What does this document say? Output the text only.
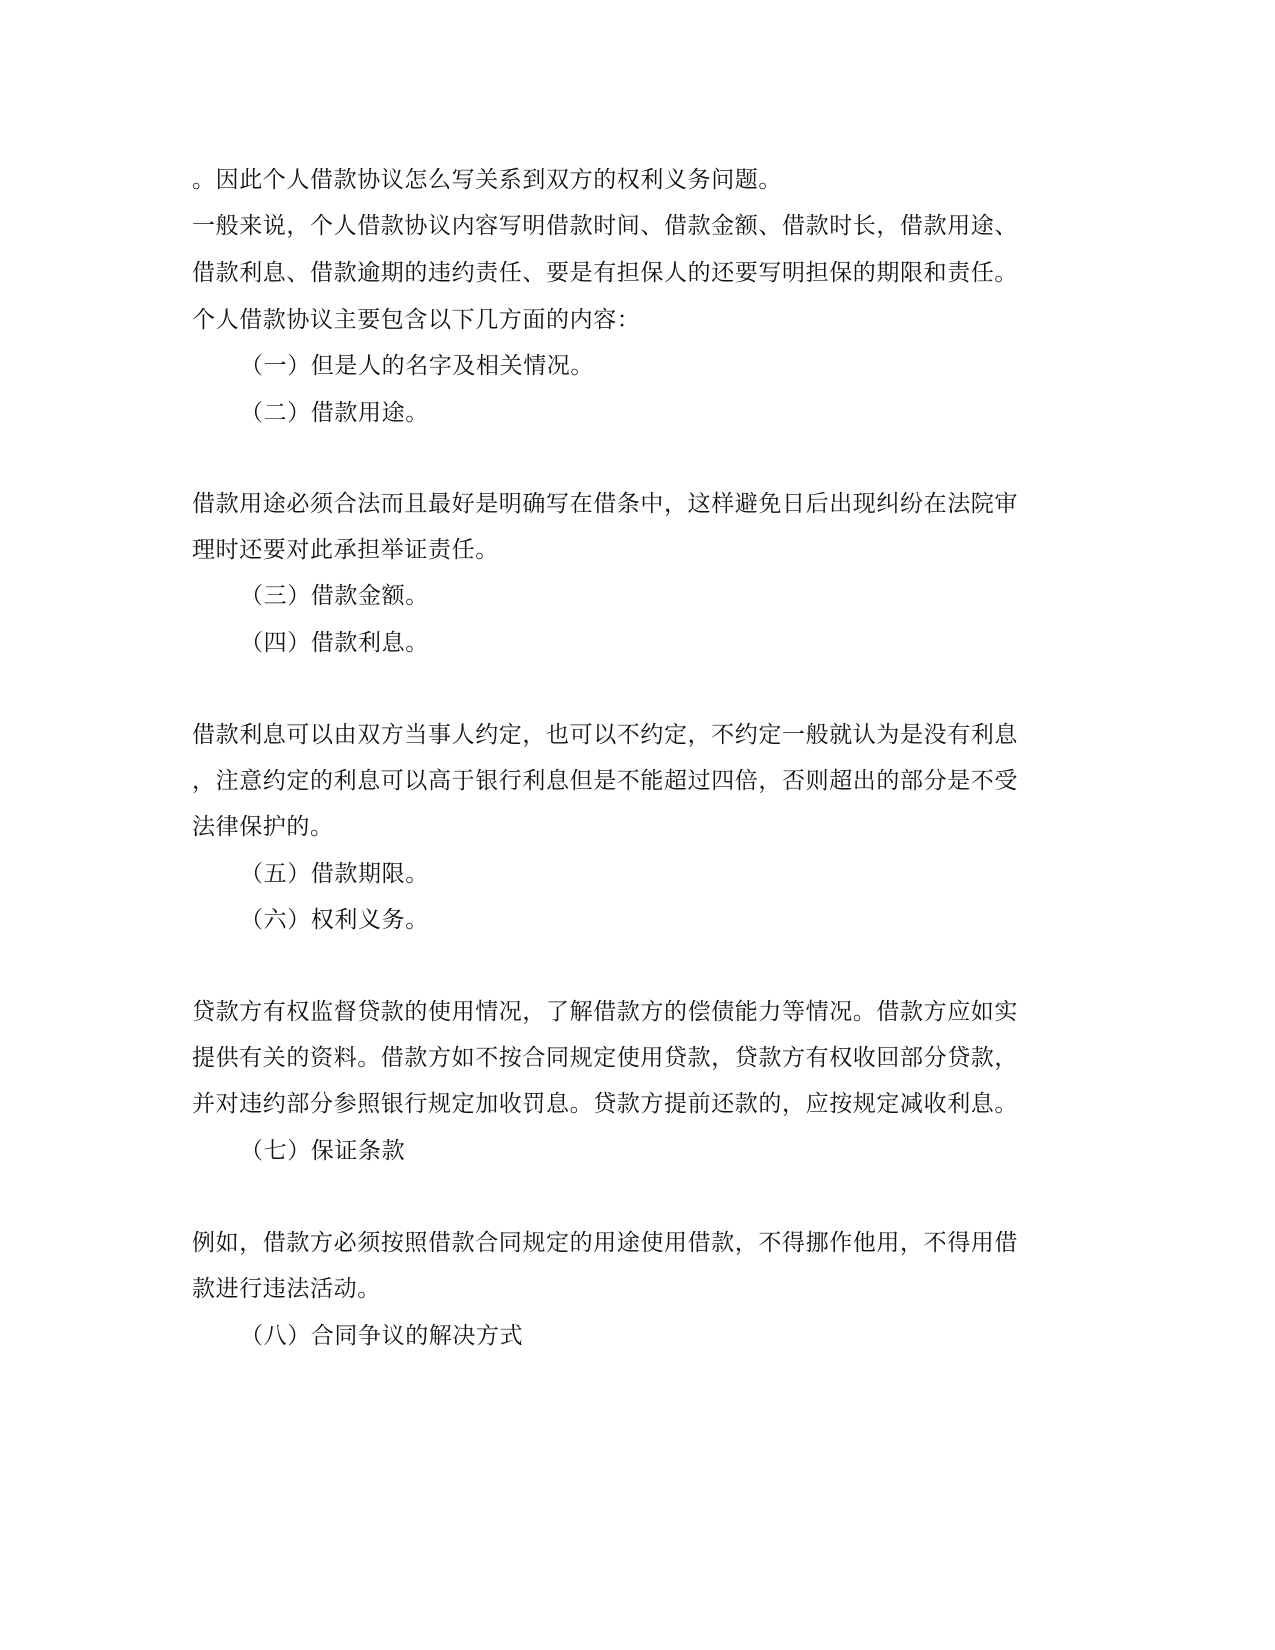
。因此个人借款协议怎么写关系到双方的权利义务问题。
一般来说，个人借款协议内容写明借款时间、借款金额、借款时长，借款用途、
借款利息、借款逾期的违约责任、要是有担保人的还要写明担保的期限和责任。
个人借款协议主要包含以下几方面的内容：
（一）但是人的名字及相关情况。
（二）借款用途。
借款用途必须合法而且最好是明确写在借条中，这样避免日后出现纠纷在法院审
理时还要对此承担举证责任。
（三）借款金额。
（四）借款利息。
借款利息可以由双方当事人约定，也可以不约定，不约定一般就认为是没有利息
，注意约定的利息可以高于银行利息但是不能超过四倍，否则超出的部分是不受
法律保护的。
（五）借款期限。
（六）权利义务。
贷款方有权监督贷款的使用情况，了解借款方的偿债能力等情况。借款方应如实
提供有关的资料。借款方如不按合同规定使用贷款，贷款方有权收回部分贷款，
并对违约部分参照银行规定加收罚息。贷款方提前还款的，应按规定减收利息。
（七）保证条款
例如，借款方必须按照借款合同规定的用途使用借款，不得挪作他用，不得用借
款进行违法活动。
（八）合同争议的解决方式
